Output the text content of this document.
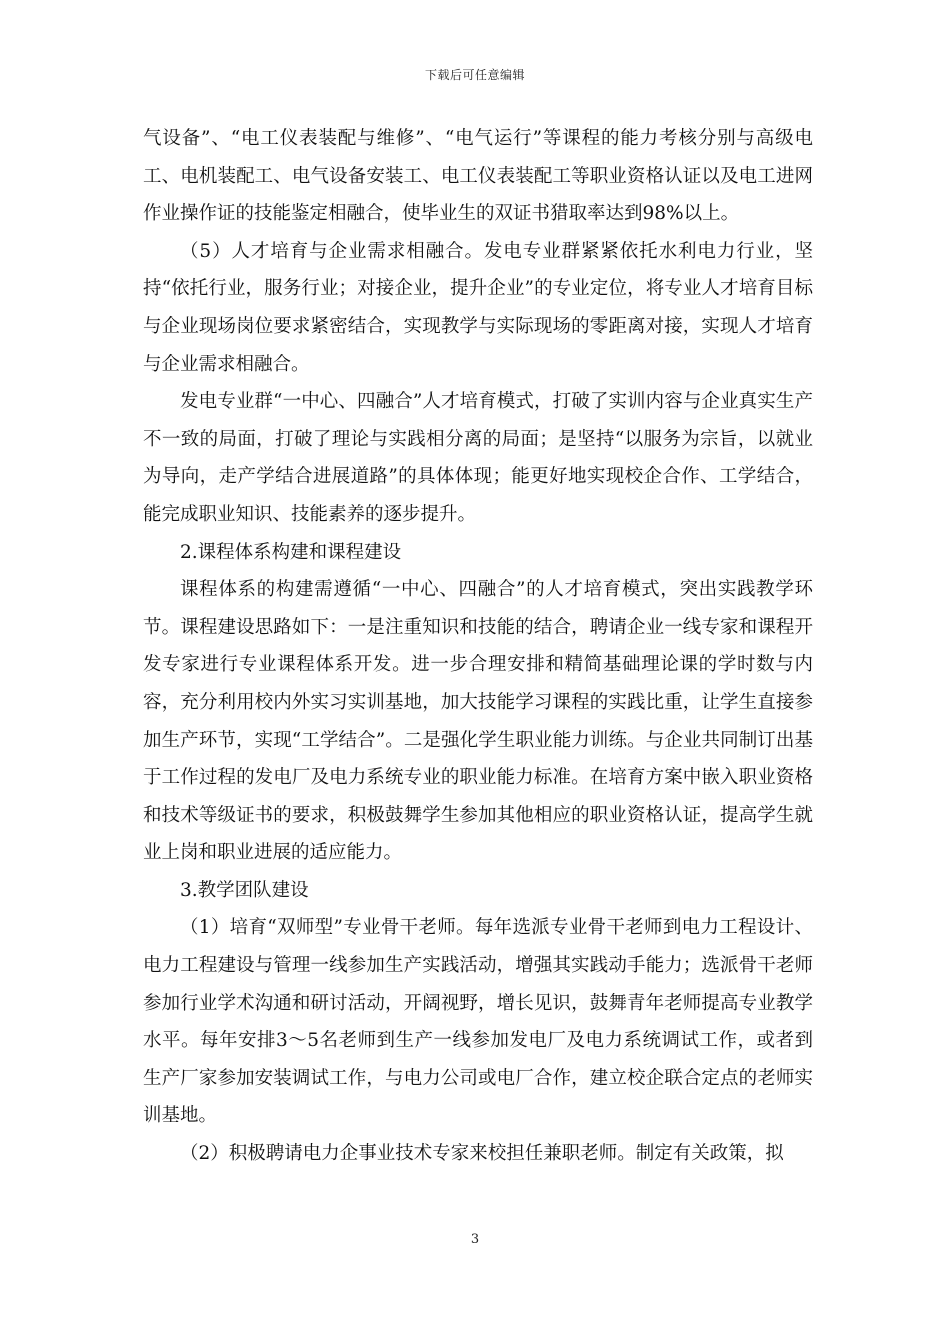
下载后可任意编辑

气设备”、“电工仪表装配与维修”、“电气运行”等课程的能力考核分别与高级电工、电机装配工、电气设备安装工、电工仪表装配工等职业资格认证以及电工进网作业操作证的技能鉴定相融合，使毕业生的双证书猎取率达到98%以上。

（5）人才培育与企业需求相融合。发电专业群紧紧依托水利电力行业，坚持“依托行业，服务行业；对接企业，提升企业”的专业定位，将专业人才培育目标与企业现场岗位要求紧密结合，实现教学与实际现场的零距离对接，实现人才培育与企业需求相融合。

发电专业群“一中心、四融合”人才培育模式，打破了实训内容与企业真实生产不一致的局面，打破了理论与实践相分离的局面；是坚持“以服务为宗旨，以就业为导向，走产学结合进展道路”的具体体现；能更好地实现校企合作、工学结合，能完成职业知识、技能素养的逐步提升。

2.课程体系构建和课程建设

课程体系的构建需遵循“一中心、四融合”的人才培育模式，突出实践教学环节。课程建设思路如下：一是注重知识和技能的结合，聘请企业一线专家和课程开发专家进行专业课程体系开发。进一步合理安排和精简基础理论课的学时数与内容，充分利用校内外实习实训基地，加大技能学习课程的实践比重，让学生直接参加生产环节，实现“工学结合”。二是强化学生职业能力训练。与企业共同制订出基于工作过程的发电厂及电力系统专业的职业能力标准。在培育方案中嵌入职业资格和技术等级证书的要求，积极鼓舞学生参加其他相应的职业资格认证，提高学生就业上岗和职业进展的适应能力。

3.教学团队建设

（1）培育“双师型”专业骨干老师。每年选派专业骨干老师到电力工程设计、电力工程建设与管理一线参加生产实践活动，增强其实践动手能力；选派骨干老师参加行业学术沟通和研讨活动，开阔视野，增长见识，鼓舞青年老师提高专业教学水平。每年安排3～5名老师到生产一线参加发电厂及电力系统调试工作，或者到生产厂家参加安装调试工作，与电力公司或电厂合作，建立校企联合定点的老师实训基地。

（2）积极聘请电力企事业技术专家来校担任兼职老师。制定有关政策，拟

3
